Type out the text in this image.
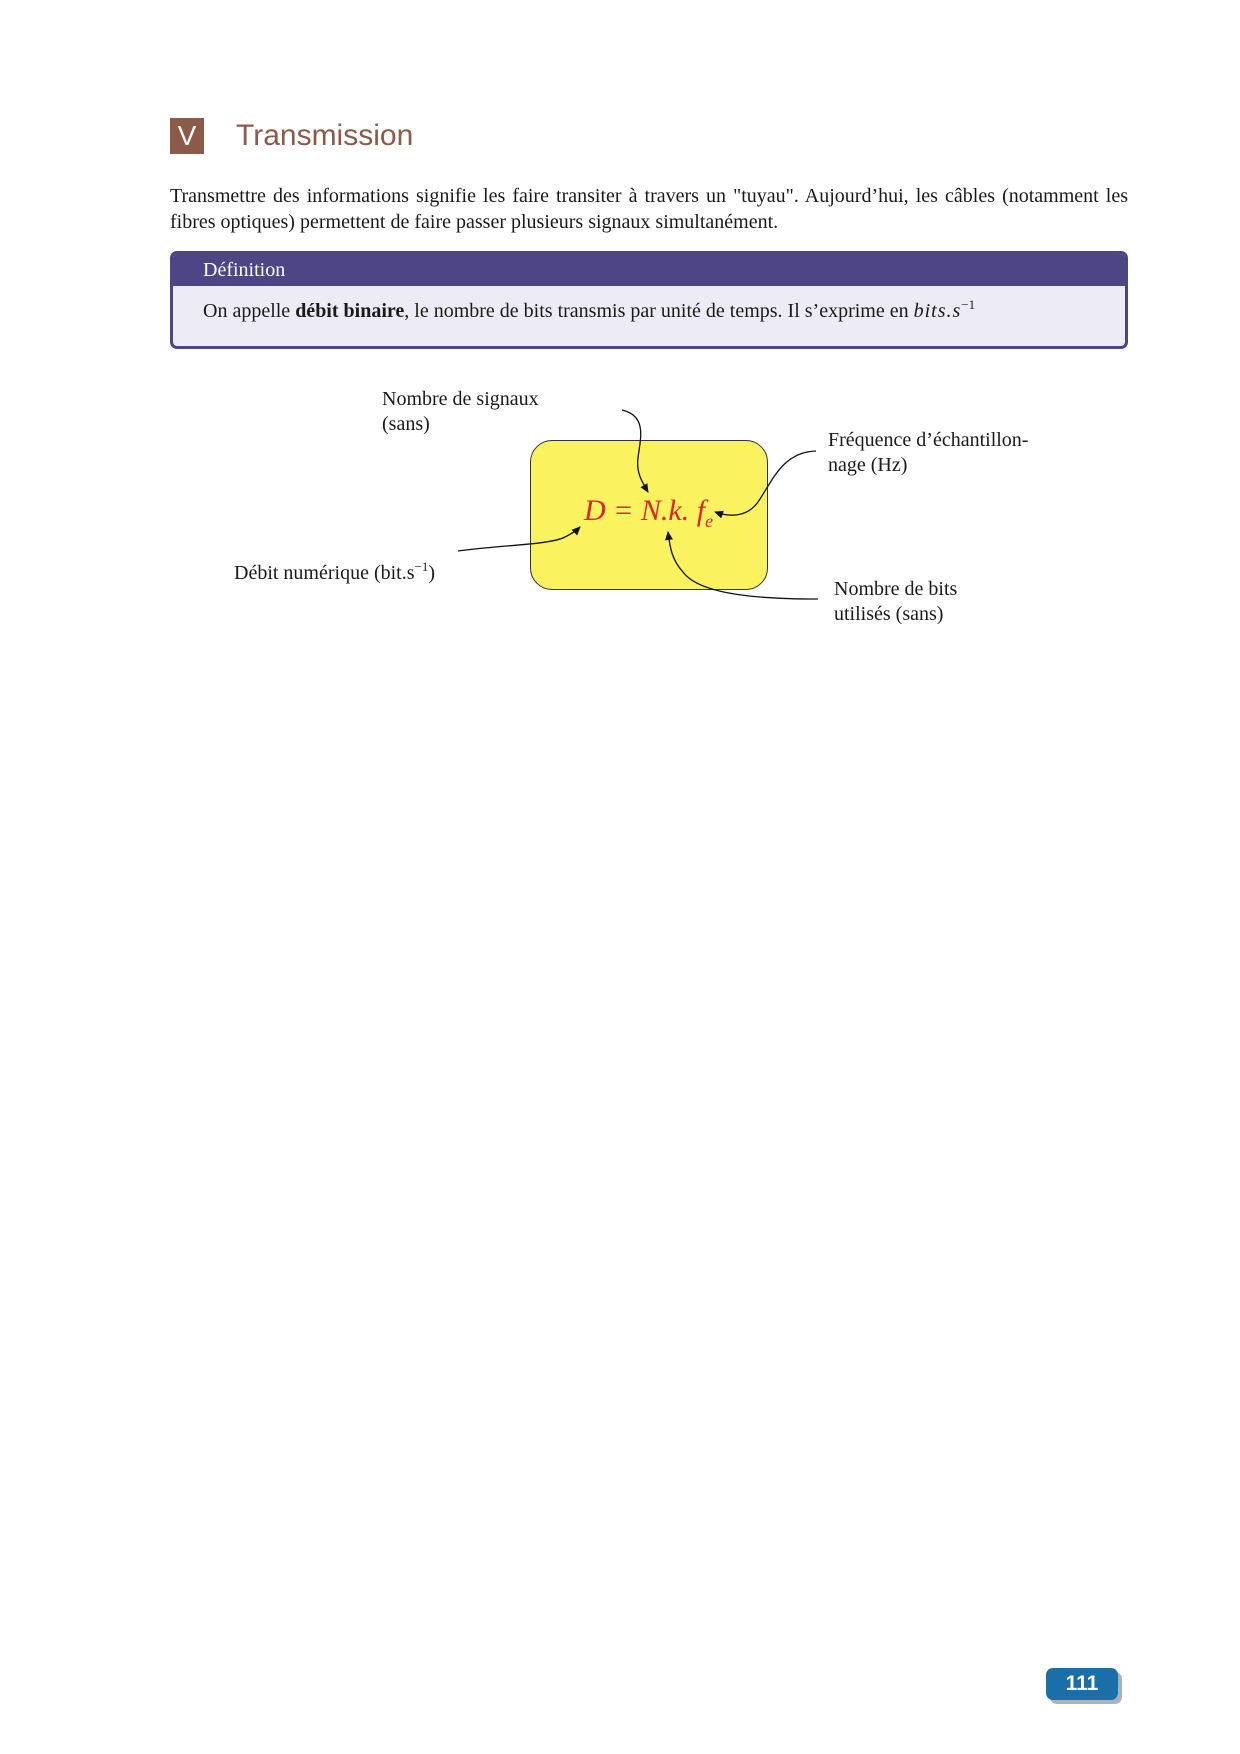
V Transmission

Transmettre des informations signifie les faire transiter à travers un "tuyau". Aujourd’hui, les câbles (notamment les fibres optiques) permettent de faire passer plusieurs signaux simultanément.

Définition
On appelle débit binaire, le nombre de bits transmis par unité de temps. Il s’exprime en $bits.s^{-1}$
D = N.k. $f_e$
Nombre de signaux
(sans)
Fréquence d’échantillon-
nage (Hz)
Débit numérique $(bit.s^{-1})$
Nombre de bits
utilisés (sans)
111
